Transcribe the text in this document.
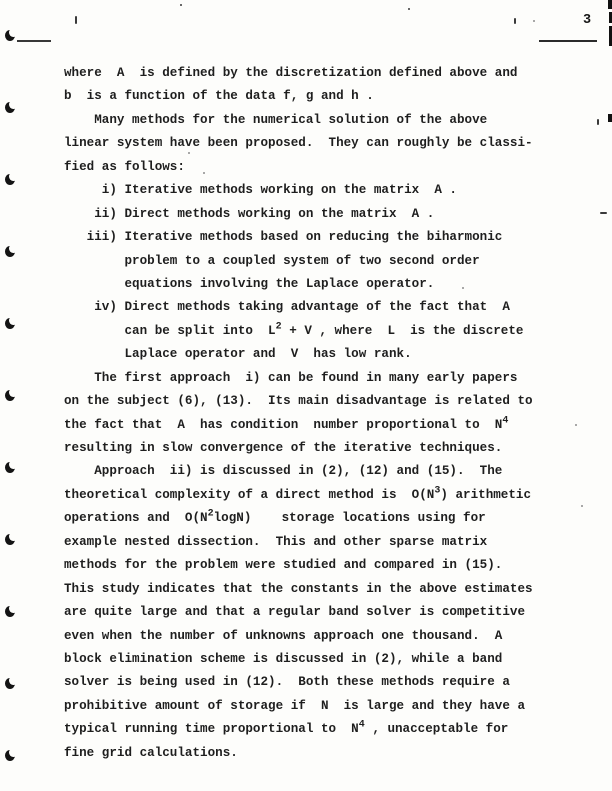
3
where  A  is defined by the discretization defined above and
b  is a function of the data f, g and h .
Many methods for the numerical solution of the above
linear system have been proposed.  They can roughly be classi-
fied as follows:
i) Iterative methods working on the matrix  A .
ii) Direct methods working on the matrix  A .
iii) Iterative methods based on reducing the biharmonic
problem to a coupled system of two second order
equations involving the Laplace operator.
iv) Direct methods taking advantage of the fact that  A
can be split into  $L^2 + V$ , where  L  is the discrete
Laplace operator and  V  has low rank.
The first approach  i) can be found in many early papers
on the subject (6), (13).  Its main disadvantage is related to
the fact that  A  has condition  number proportional to  $N^4$
resulting in slow convergence of the iterative techniques.
Approach  ii) is discussed in (2), (12) and (15).  The
theoretical complexity of a direct method is  $O(N^3)$ arithmetic
operations and  $O(N^2\log N)$    storage locations using for
example nested dissection.  This and other sparse matrix
methods for the problem were studied and compared in (15).
This study indicates that the constants in the above estimates
are quite large and that a regular band solver is competitive
even when the number of unknowns approach one thousand.  A
block elimination scheme is discussed in (2), while a band
solver is being used in (12).  Both these methods require a
prohibitive amount of storage if  N  is large and they have a
typical running time proportional to  $N^4$ , unacceptable for
fine grid calculations.
